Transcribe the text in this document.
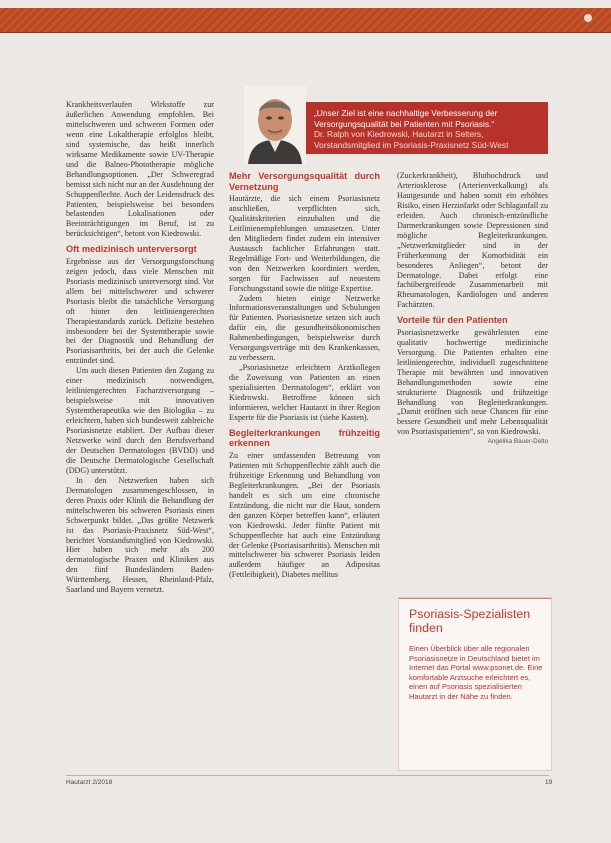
Krankheitsverlaufen Wirkstoffe zur äußerlichen Anwendung empfohlen. Bei mittelschweren und schweren Formen oder wenn eine Lokaltherapie erfolglos bleibt, sind systemische, das heißt innerlich wirksame Medikamente sowie UV-Therapie und die Balneo-Phototherapie mögliche Behandlungsoptionen. „Der Schweregrad bemisst sich nicht nur an der Ausdehnung der Schuppenflechte. Auch der Leidensdruck des Patienten, beispielsweise bei besonders belastenden Lokalisationen oder Beeinträchtigungen im Beruf, ist zu berücksichtigen“, betont von Kiedrowski.

Oft medizinisch unterversorgt

Ergebnisse aus der Versorgungsforschung zeigen jedoch, dass viele Menschen mit Psoriasis medizinisch unterversorgt sind. Vor allem bei mittelschwerer und schwerer Psoriasis bleibt die tatsächliche Versorgung oft hinter den leitliniengerechten Therapiestandards zurück. Defizite bestehen insbesondere bei der Systemtherapie sowie bei der Diagnostik und Behandlung der Psoriasisarthritis, bei der auch die Gelenke entzündet sind.

Um auch diesen Patienten den Zugang zu einer medizinisch notwendigen, leitliniengerechten Facharztversorgung – beispielsweise mit innovativen Systemtherapeutika wie den Biologika – zu erleichtern, haben sich bundesweit zahlreiche Psoriasisnetze etabliert. Der Aufbau dieser Netzwerke wird durch den Berufsverband der Deutschen Dermatologen (BVDD) und die Deutsche Dermatologische Gesellschaft (DDG) unterstützt.

In den Netzwerken haben sich Dermatologen zusammengeschlossen, in deren Praxis oder Klinik die Behandlung der mittelschweren bis schweren Psoriasis einen Schwerpunkt bildet. „Das größte Netzwerk ist das Psoriasis-Praxisnetz Süd-West“, berichtet Vorstandsmitglied von Kiedrowski. Hier haben sich mehr als 200 dermatologische Praxen und Kliniken aus den fünf Bundesländern Baden-Württemberg, Hessen, Rheinland-Pfalz, Saarland und Bayern vernetzt.

„Unser Ziel ist eine nachhaltige Verbesserung der Versorgungsqualität bei Patienten mit Psoriasis.“
Dr. Ralph von Kiedrowski, Hautarzt in Selters, Vorstandsmitglied im Psoriasis-Praxisnetz Süd-West
Mehr Versorgungsqualität durch Vernetzung

Hautärzte, die sich einem Psoriasisnetz anschließen, verpflichten sich, Qualitätskriterien einzuhalten und die Leitlinienempfehlungen umzusetzen. Unter den Mitgliedern findet zudem ein intensiver Austausch fachlicher Erfahrungen statt. Regelmäßige Fort- und Weiterbildungen, die von den Netzwerken koordiniert werden, sorgen für Fachwissen auf neuestem Forschungsstand sowie die nötige Expertise.

Zudem bieten einige Netzwerke Informationsveranstaltungen und Schulungen für Patienten. Psoriasisnetze setzen sich auch dafür ein, die gesundheitsökonomischen Rahmenbedingungen, beispielsweise durch Versorgungsverträge mit den Krankenkassen, zu verbessern.

„Psoriasisnetze erleichtern Arztkollegen die Zuweisung von Patienten an einen spezialisierten Dermatologen“, erklärt von Kiedrowski. Betroffene können sich informieren, welcher Hautarzt in ihrer Region Experte für die Psoriasis ist (siehe Kasten).

Begleiterkrankungen frühzeitig erkennen

Zu einer umfassenden Betreuung von Patienten mit Schuppenflechte zählt auch die frühzeitige Erkennung und Behandlung von Begleiterkrankungen. „Bei der Psoriasis handelt es sich um eine chronische Entzündung, die nicht nur die Haut, sondern den ganzen Körper betreffen kann“, erläutert von Kiedrowski. Jeder fünfte Patient mit Schuppenflechte hat auch eine Entzündung der Gelenke (Psoriasisarthritis). Menschen mit mittelschwerer bis schwerer Psoriasis leiden außerdem häufiger an Adipositas (Fettleibigkeit), Diabetes mellitus

(Zuckerkrankheit), Bluthochdruck und Arteriosklerose (Arterienverkalkung) als Hautgesunde und haben somit ein erhöhtes Risiko, einen Herzinfarkt oder Schlaganfall zu erleiden. Auch chronisch-entzündliche Darmerkrankungen sowie Depressionen sind mögliche Begleiterkrankungen. „Netzwerkmitglieder sind in der Früherkennung der Komorbidität ein besonderes Anliegen“, betont der Dermatologe. Dabei erfolgt eine fachübergreifende Zusammenarbeit mit Rheumatologen, Kardiologen und anderen Fachärzten.

Vorteile für den Patienten

Psoriasisnetzwerke gewährleisten eine qualitativ hochwertige medizinische Versorgung. Die Patienten erhalten eine leitliniengerechte, individuell zugeschnittene Therapie mit bewährten und innovativen Behandlungsmethoden sowie eine strukturierte Diagnostik und frühzeitige Behandlung von Begleiterkrankungen. „Damit eröffnen sich neue Chancen für eine bessere Gesundheit und mehr Lebensqualität von Psoriasispatienten“, so von Kiedrowski.

Angelika Bauer-Delto
Psoriasis-Spezialisten finden
Einen Überblick über alle regionalen Psoriasisnetze in Deutschland bietet im Internet das Portal www.psonet.de. Eine komfortable Arztsuche erleichtert es, einen auf Psoriasis spezialisierten Hautarzt in der Nähe zu finden.
Hautarzt 2/2018	19
